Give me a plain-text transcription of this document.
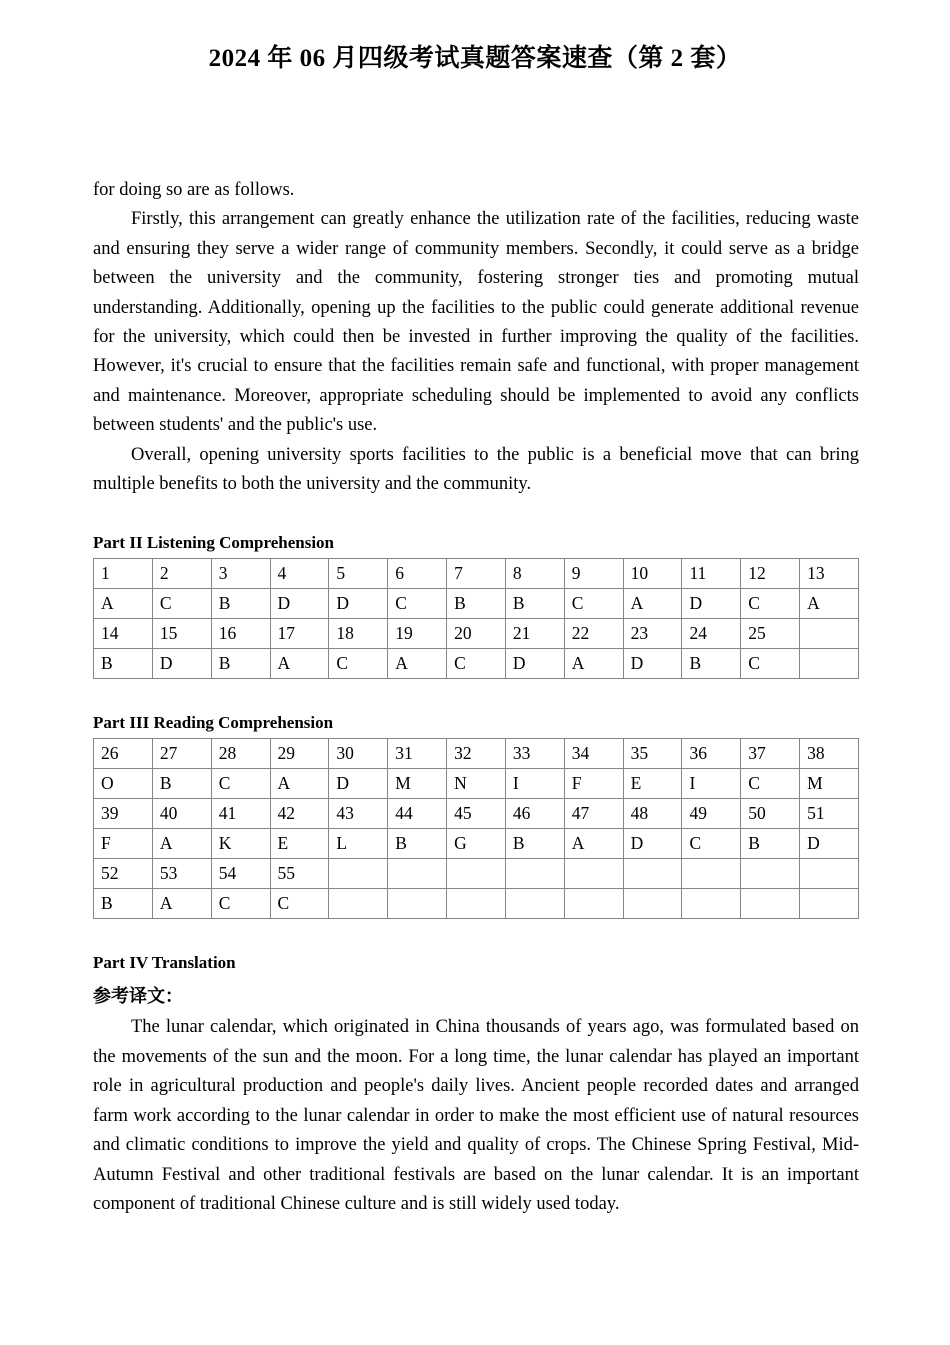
2024 年 06 月四级考试真题答案速查（第 2 套）

for doing so are as follows.

Firstly, this arrangement can greatly enhance the utilization rate of the facilities, reducing waste and ensuring they serve a wider range of community members. Secondly, it could serve as a bridge between the university and the community, fostering stronger ties and promoting mutual understanding. Additionally, opening up the facilities to the public could generate additional revenue for the university, which could then be invested in further improving the quality of the facilities. However, it's crucial to ensure that the facilities remain safe and functional, with proper management and maintenance. Moreover, appropriate scheduling should be implemented to avoid any conflicts between students' and the public's use.

Overall, opening university sports facilities to the public is a beneficial move that can bring multiple benefits to both the university and the community.

Part II Listening Comprehension
1	2	3	4	5	6	7	8	9	10	11	12	13
A	C	B	D	D	C	B	B	C	A	D	C	A
14	15	16	17	18	19	20	21	22	23	24	25	
B	D	B	A	C	A	C	D	A	D	B	C	
Part III Reading Comprehension
26	27	28	29	30	31	32	33	34	35	36	37	38
O	B	C	A	D	M	N	I	F	E	I	C	M
39	40	41	42	43	44	45	46	47	48	49	50	51
F	A	K	E	L	B	G	B	A	D	C	B	D
52	53	54	55									
B	A	C	C									
Part IV Translation
参考译文：

The lunar calendar, which originated in China thousands of years ago, was formulated based on the movements of the sun and the moon. For a long time, the lunar calendar has played an important role in agricultural production and people's daily lives. Ancient people recorded dates and arranged farm work according to the lunar calendar in order to make the most efficient use of natural resources and climatic conditions to improve the yield and quality of crops. The Chinese Spring Festival, Mid-Autumn Festival and other traditional festivals are based on the lunar calendar. It is an important component of traditional Chinese culture and is still widely used today.
